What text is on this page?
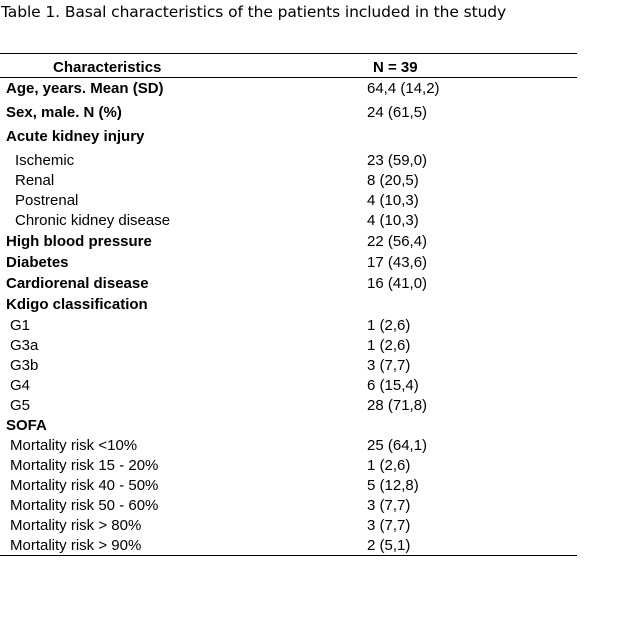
Table 1. Basal characteristics of the patients included in the study
Characteristics	N = 39
Age, years. Mean (SD)	64,4 (14,2)
Sex, male. N (%)	24 (61,5)
Acute kidney injury
Ischemic	23 (59,0)
Renal	8 (20,5)
Postrenal	4 (10,3)
Chronic kidney disease	4 (10,3)
High blood pressure	22 (56,4)
Diabetes	17 (43,6)
Cardiorenal disease	16 (41,0)
Kdigo classification
G1	1 (2,6)
G3a	1 (2,6)
G3b	3 (7,7)
G4	6 (15,4)
G5	28 (71,8)
SOFA
Mortality risk <10%	25 (64,1)
Mortality risk 15 - 20%	1 (2,6)
Mortality risk 40 - 50%	5 (12,8)
Mortality risk 50 - 60%	3 (7,7)
Mortality risk > 80%	3 (7,7)
Mortality risk > 90%	2 (5,1)
